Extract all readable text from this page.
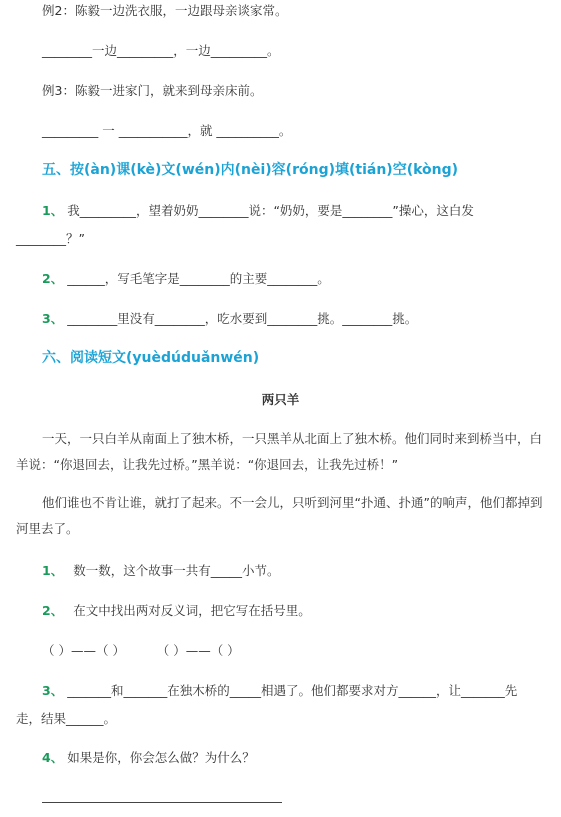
例2：陈毅一边洗衣服，一边跟母亲谈家常。
________一边_________，一边_________。
例3：陈毅一进家门，就来到母亲床前。
_________ 一 ___________，就 __________。
五、按(àn)课(kè)文(wén)内(nèi)容(róng)填(tián)空(kòng)
1、 我_________，望着奶奶________说：“奶奶，要是________”操心，这白发
________？”
2、 ______，写毛笔字是________的主要________。
3、 ________里没有________，吃水要到________挑。________挑。
六、阅读短文(yuèdúduǎnwén)
两只羊
一天，一只白羊从南面上了独木桥，一只黑羊从北面上了独木桥。他们同时来到桥当中，白羊说：“你退回去，让我先过桥。”黑羊说：“你退回去，让我先过桥！”
他们谁也不肯让谁，就打了起来。不一会儿，只听到河里“扑通、扑通”的响声，他们都掉到河里去了。
1、 数一数，这个故事一共有_____小节。
2、 在文中找出两对反义词，把它写在括号里。
（ ）——（ ）        （ ）——（ ）
3、 _______和_______在独木桥的_____相遇了。他们都要求对方______，让_______先
走，结果______。
4、 如果是你，你会怎么做？为什么？
